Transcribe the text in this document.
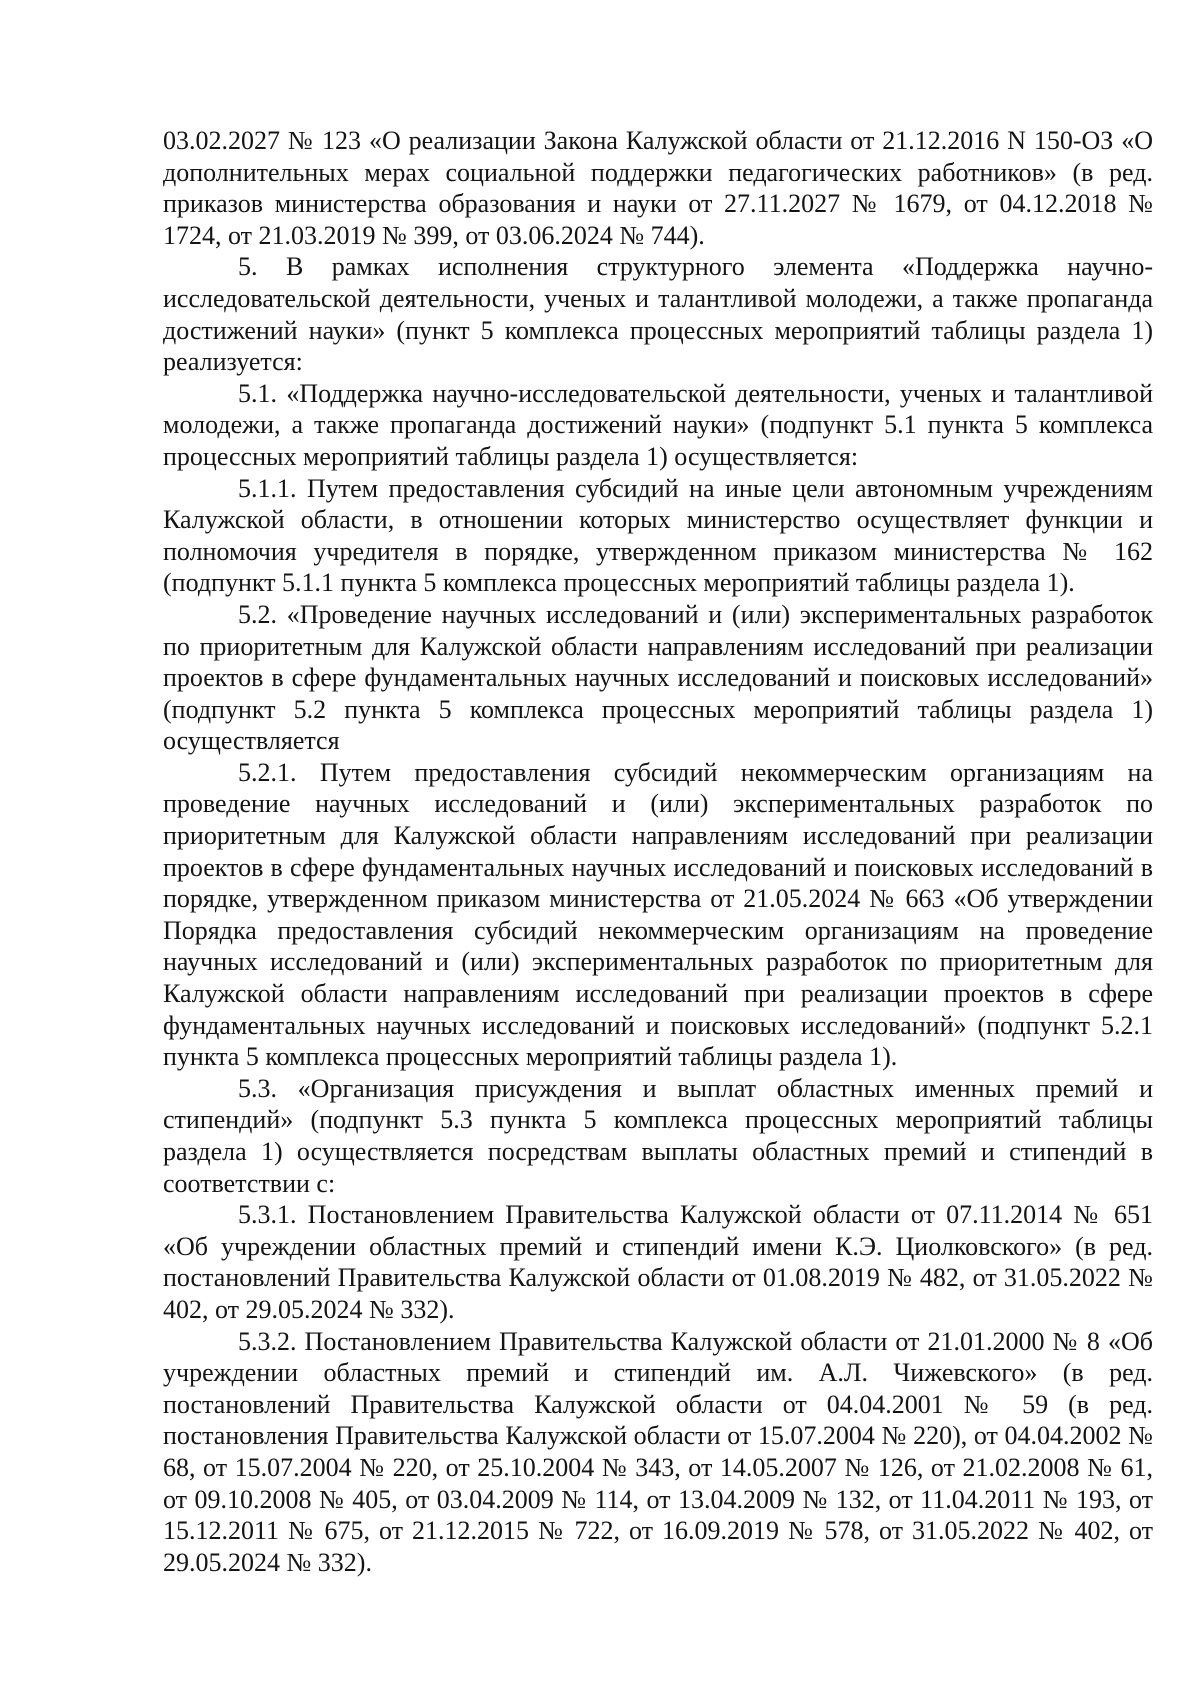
03.02.2027 № 123 «О реализации Закона Калужской области от 21.12.2016 N 150-ОЗ «О дополнительных мерах социальной поддержки педагогических работников» (в ред. приказов министерства образования и науки от 27.11.2027 № 1679, от 04.12.2018 № 1724, от 21.03.2019 № 399, от 03.06.2024 № 744).

5. В рамках исполнения структурного элемента «Поддержка научно-исследовательской деятельности, ученых и талантливой молодежи, а также пропаганда достижений науки» (пункт 5 комплекса процессных мероприятий таблицы раздела 1) реализуется:

5.1. «Поддержка научно-исследовательской деятельности, ученых и талантливой молодежи, а также пропаганда достижений науки» (подпункт 5.1 пункта 5 комплекса процессных мероприятий таблицы раздела 1) осуществляется:

5.1.1. Путем предоставления субсидий на иные цели автономным учреждениям Калужской области, в отношении которых министерство осуществляет функции и полномочия учредителя в порядке, утвержденном приказом министерства № 162 (подпункт 5.1.1 пункта 5 комплекса процессных мероприятий таблицы раздела 1).

5.2. «Проведение научных исследований и (или) экспериментальных разработок по приоритетным для Калужской области направлениям исследований при реализации проектов в сфере фундаментальных научных исследований и поисковых исследований» (подпункт 5.2 пункта 5 комплекса процессных мероприятий таблицы раздела 1) осуществляется

5.2.1. Путем предоставления субсидий некоммерческим организациям на проведение научных исследований и (или) экспериментальных разработок по приоритетным для Калужской области направлениям исследований при реализации проектов в сфере фундаментальных научных исследований и поисковых исследований в порядке, утвержденном приказом министерства от 21.05.2024 № 663 «Об утверждении Порядка предоставления субсидий некоммерческим организациям на проведение научных исследований и (или) экспериментальных разработок по приоритетным для Калужской области направлениям исследований при реализации проектов в сфере фундаментальных научных исследований и поисковых исследований» (подпункт 5.2.1 пункта 5 комплекса процессных мероприятий таблицы раздела 1).

5.3. «Организация присуждения и выплат областных именных премий и стипендий» (подпункт 5.3 пункта 5 комплекса процессных мероприятий таблицы раздела 1) осуществляется посредствам выплаты областных премий и стипендий в соответствии с:

5.3.1. Постановлением Правительства Калужской области от 07.11.2014 № 651 «Об учреждении областных премий и стипендий имени К.Э. Циолковского» (в ред. постановлений Правительства Калужской области от 01.08.2019 № 482, от 31.05.2022 № 402, от 29.05.2024 № 332).

5.3.2. Постановлением Правительства Калужской области от 21.01.2000 № 8 «Об учреждении областных премий и стипендий им. А.Л. Чижевского» (в ред. постановлений Правительства Калужской области от 04.04.2001 № 59 (в ред. постановления Правительства Калужской области от 15.07.2004 № 220), от 04.04.2002 № 68, от 15.07.2004 № 220, от 25.10.2004 № 343, от 14.05.2007 № 126, от 21.02.2008 № 61, от 09.10.2008 № 405, от 03.04.2009 № 114, от 13.04.2009 № 132, от 11.04.2011 № 193, от 15.12.2011 № 675, от 21.12.2015 № 722, от 16.09.2019 № 578, от 31.05.2022 № 402, от 29.05.2024 № 332).
